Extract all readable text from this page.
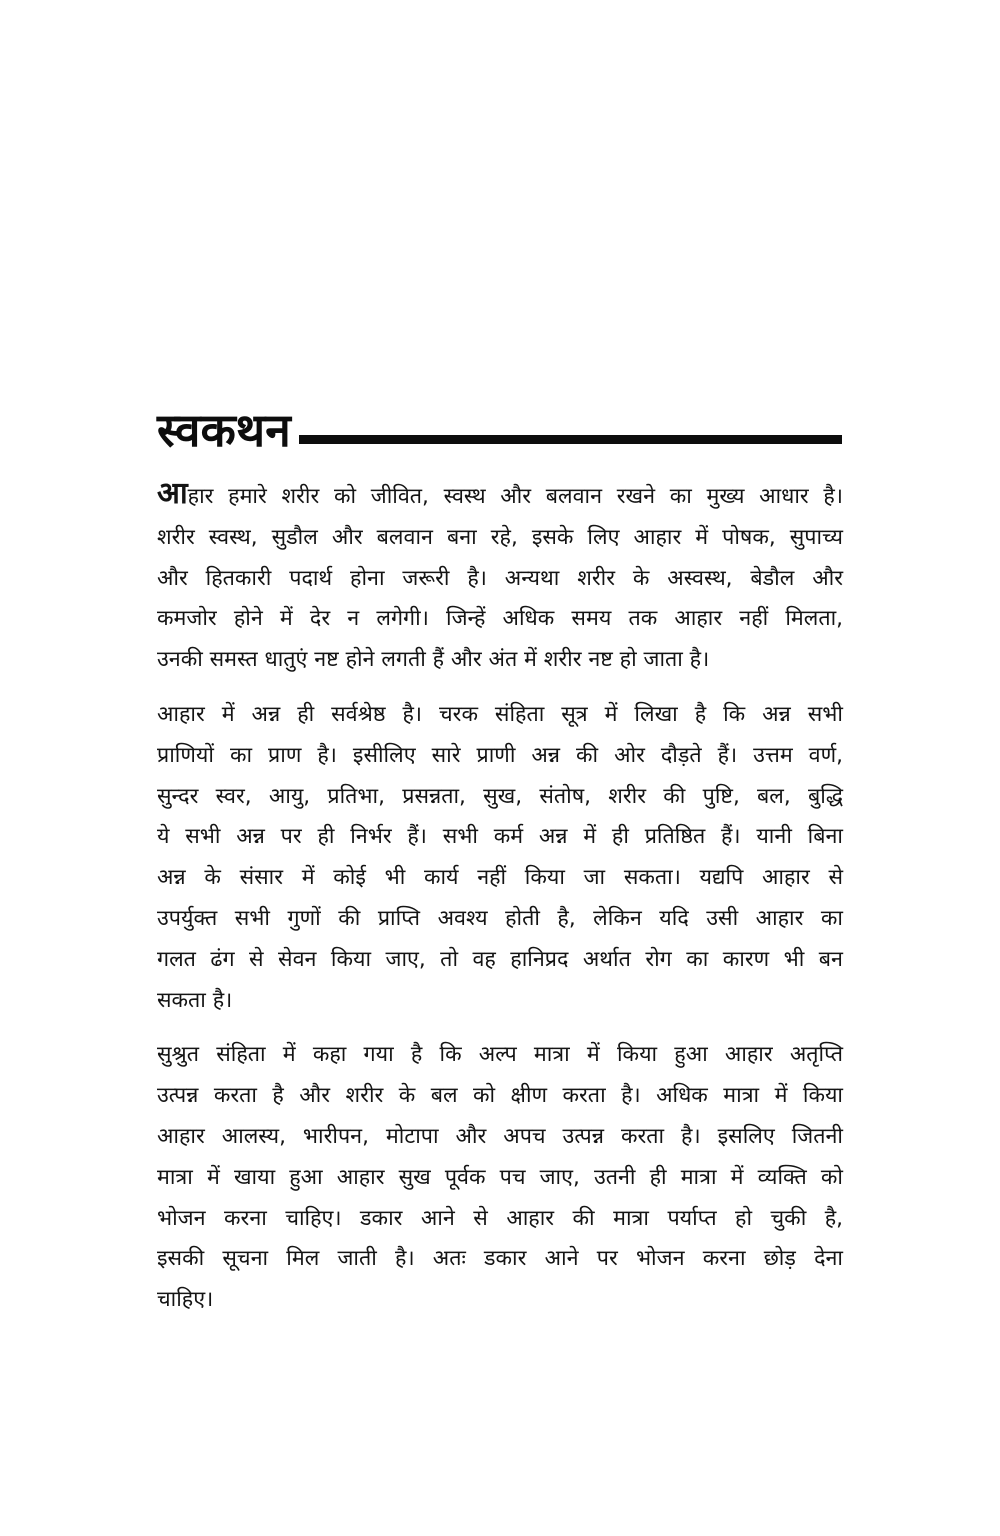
स्वकथन

आहार हमारे शरीर को जीवित, स्वस्थ और बलवान रखने का मुख्य आधार है।
शरीर स्वस्थ, सुडौल और बलवान बना रहे, इसके लिए आहार में पोषक, सुपाच्य
और हितकारी पदार्थ होना जरूरी है। अन्यथा शरीर के अस्वस्थ, बेडौल और
कमजोर होने में देर न लगेगी। जिन्हें अधिक समय तक आहार नहीं मिलता,
उनकी समस्त धातुएं नष्ट होने लगती हैं और अंत में शरीर नष्ट हो जाता है।

आहार में अन्न ही सर्वश्रेष्ठ है। चरक संहिता सूत्र में लिखा है कि अन्न सभी
प्राणियों का प्राण है। इसीलिए सारे प्राणी अन्न की ओर दौड़ते हैं। उत्तम वर्ण,
सुन्दर स्वर, आयु, प्रतिभा, प्रसन्नता, सुख, संतोष, शरीर की पुष्टि, बल, बुद्धि
ये सभी अन्न पर ही निर्भर हैं। सभी कर्म अन्न में ही प्रतिष्ठित हैं। यानी बिना
अन्न के संसार में कोई भी कार्य नहीं किया जा सकता। यद्यपि आहार से
उपर्युक्त सभी गुणों की प्राप्ति अवश्य होती है, लेकिन यदि उसी आहार का
गलत ढंग से सेवन किया जाए, तो वह हानिप्रद अर्थात रोग का कारण भी बन
सकता है।

सुश्रुत संहिता में कहा गया है कि अल्प मात्रा में किया हुआ आहार अतृप्ति
उत्पन्न करता है और शरीर के बल को क्षीण करता है। अधिक मात्रा में किया
आहार आलस्य, भारीपन, मोटापा और अपच उत्पन्न करता है। इसलिए जितनी
मात्रा में खाया हुआ आहार सुख पूर्वक पच जाए, उतनी ही मात्रा में व्यक्ति को
भोजन करना चाहिए। डकार आने से आहार की मात्रा पर्याप्त हो चुकी है,
इसकी सूचना मिल जाती है। अतः डकार आने पर भोजन करना छोड़ देना
चाहिए।
